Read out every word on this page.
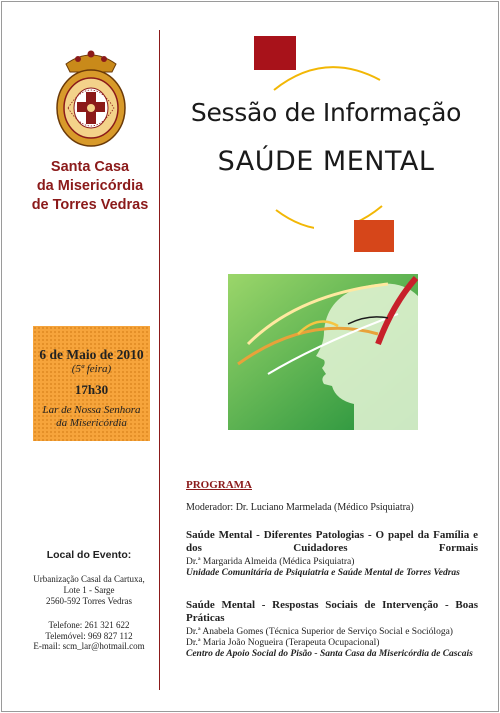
Santa Casa
da Misericórdia
de Torres Vedras
6 de Maio de 2010
(5ª feira)
17h30
Lar de Nossa Senhora
da Misericórdia
Local do Evento:
Urbanização Casal da Cartuxa,
Lote 1 - Sarge
2560-592 Torres Vedras
Telefone: 261 321 622
Telemóvel: 969 827 112
E-mail: scm_lar@hotmail.com
Sessão de Informação
SAÚDE MENTAL
PROGRAMA
Moderador: Dr. Luciano Marmelada (Médico Psiquiatra)
Saúde Mental - Diferentes Patologias - O papel da Família e dos Cuidadores Formais
Dr.ª Margarida Almeida (Médica Psiquiatra)
Unidade Comunitária de Psiquiatria e Saúde Mental de Torres Vedras
Saúde Mental - Respostas Sociais de Intervenção - Boas Práticas
Dr.ª Anabela Gomes (Técnica Superior de Serviço Social e Socióloga)
Dr.ª Maria João Nogueira (Terapeuta Ocupacional)
Centro de Apoio Social do Pisão - Santa Casa da Misericórdia de Cascais
